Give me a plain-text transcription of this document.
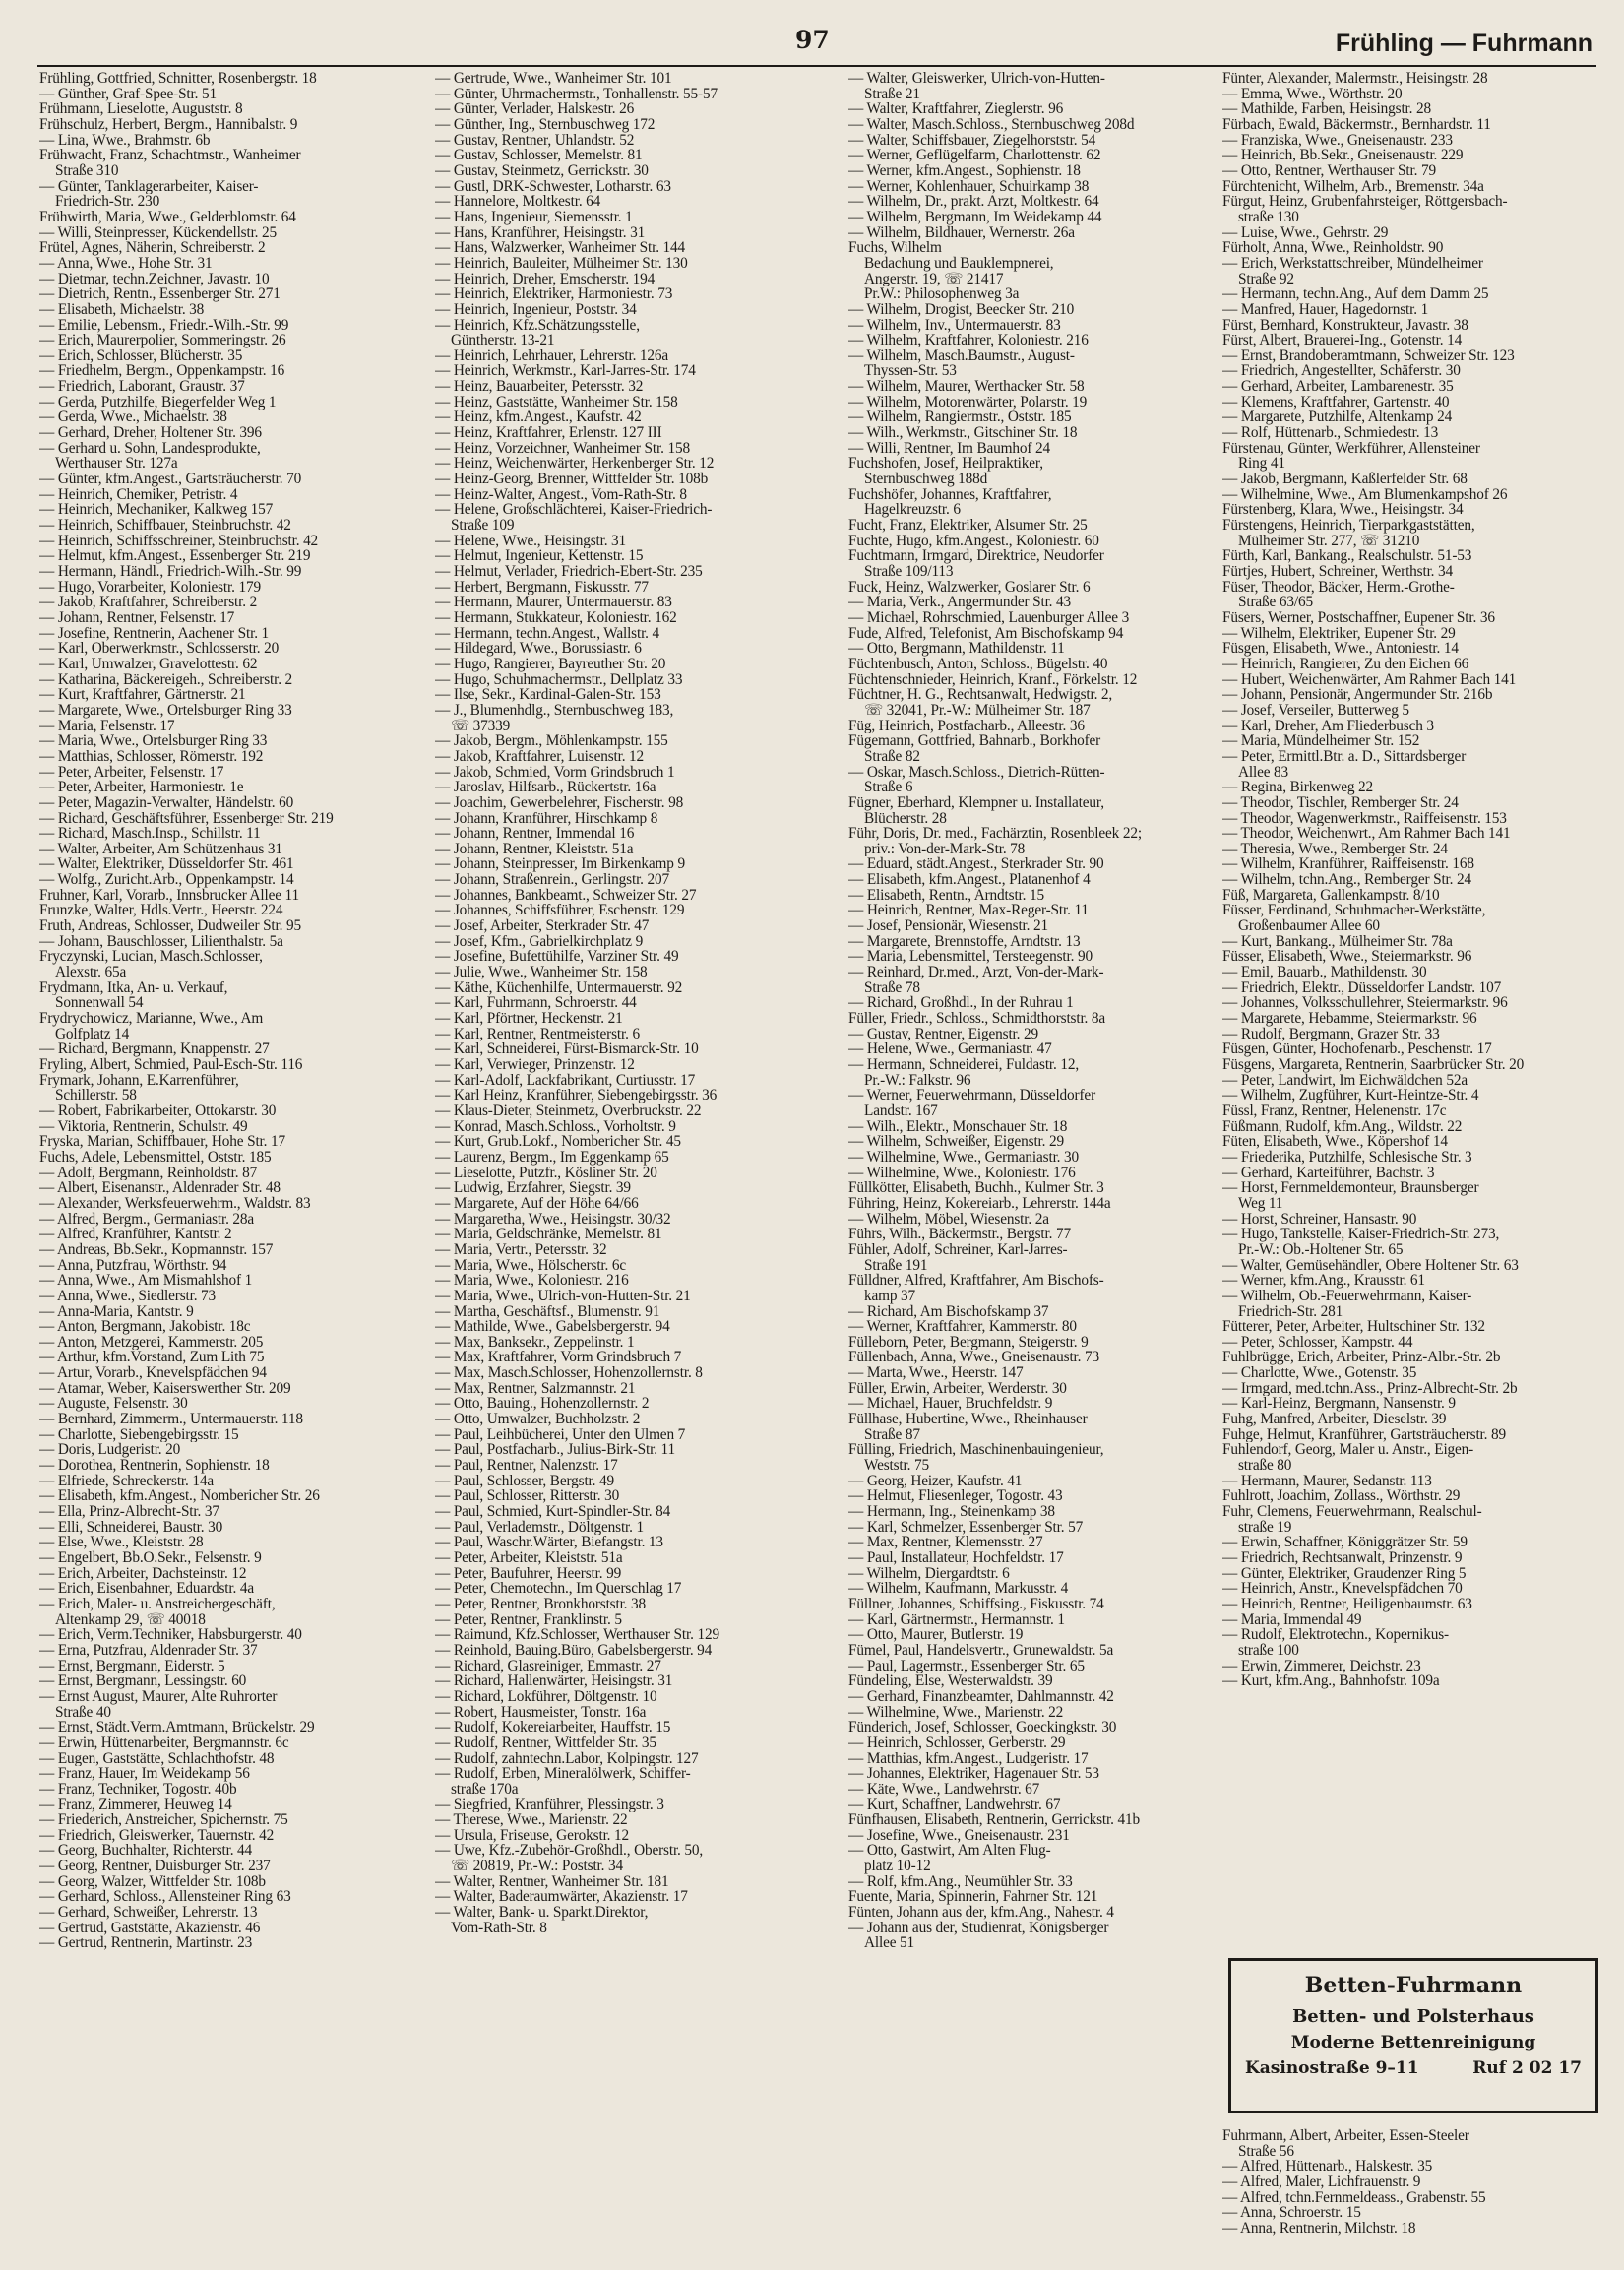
97	Frühling — Fuhrmann
Frühling, Gottfried, Schnitter, Rosenbergstr. 18
— Günther, Graf-Spee-Str. 51
Frühmann, Lieselotte, Auguststr. 8
Frühschulz, Herbert, Bergm., Hannibalstr. 9
— Lina, Wwe., Brahmstr. 6b
Frühwacht, Franz, Schachtmstr., Wanheimer
Straße 310
— Günter, Tanklagerarbeiter, Kaiser-
Friedrich-Str. 230
Frühwirth, Maria, Wwe., Gelderblomstr. 64
— Willi, Steinpresser, Kückendellstr. 25
Frütel, Agnes, Näherin, Schreiberstr. 2
— Anna, Wwe., Hohe Str. 31
— Dietmar, techn.Zeichner, Javastr. 10
— Dietrich, Rentn., Essenberger Str. 271
— Elisabeth, Michaelstr. 38
— Emilie, Lebensm., Friedr.-Wilh.-Str. 99
— Erich, Maurerpolier, Sommeringstr. 26
— Erich, Schlosser, Blücherstr. 35
— Friedhelm, Bergm., Oppenkampstr. 16
— Friedrich, Laborant, Graustr. 37
— Gerda, Putzhilfe, Biegerfelder Weg 1
— Gerda, Wwe., Michaelstr. 38
— Gerhard, Dreher, Holtener Str. 396
— Gerhard u. Sohn, Landesprodukte,
Werthauser Str. 127a
— Günter, kfm.Angest., Gartsträucherstr. 70
— Heinrich, Chemiker, Petristr. 4
— Heinrich, Mechaniker, Kalkweg 157
— Heinrich, Schiffbauer, Steinbruchstr. 42
— Heinrich, Schiffsschreiner, Steinbruchstr. 42
— Helmut, kfm.Angest., Essenberger Str. 219
— Hermann, Händl., Friedrich-Wilh.-Str. 99
— Hugo, Vorarbeiter, Koloniestr. 179
— Jakob, Kraftfahrer, Schreiberstr. 2
— Johann, Rentner, Felsenstr. 17
— Josefine, Rentnerin, Aachener Str. 1
— Karl, Oberwerkmstr., Schlosserstr. 20
— Karl, Umwalzer, Gravelottestr. 62
— Katharina, Bäckereigeh., Schreiberstr. 2
— Kurt, Kraftfahrer, Gärtnerstr. 21
— Margarete, Wwe., Ortelsburger Ring 33
— Maria, Felsenstr. 17
— Maria, Wwe., Ortelsburger Ring 33
— Matthias, Schlosser, Römerstr. 192
— Peter, Arbeiter, Felsenstr. 17
— Peter, Arbeiter, Harmoniestr. 1e
— Peter, Magazin-Verwalter, Händelstr. 60
— Richard, Geschäftsführer, Essenberger Str. 219
— Richard, Masch.Insp., Schillstr. 11
— Walter, Arbeiter, Am Schützenhaus 31
— Walter, Elektriker, Düsseldorfer Str. 461
— Wolfg., Zuricht.Arb., Oppenkampstr. 14
Fruhner, Karl, Vorarb., Innsbrucker Allee 11
Frunzke, Walter, Hdls.Vertr., Heerstr. 224
Fruth, Andreas, Schlosser, Dudweiler Str. 95
— Johann, Bauschlosser, Lilienthalstr. 5a
Fryczynski, Lucian, Masch.Schlosser,
Alexstr. 65a
Frydmann, Itka, An- u. Verkauf,
Sonnenwall 54
Frydrychowicz, Marianne, Wwe., Am
Golfplatz 14
— Richard, Bergmann, Knappenstr. 27
Fryling, Albert, Schmied, Paul-Esch-Str. 116
Frymark, Johann, E.Karrenführer,
Schillerstr. 58
— Robert, Fabrikarbeiter, Ottokarstr. 30
— Viktoria, Rentnerin, Schulstr. 49
Fryska, Marian, Schiffbauer, Hohe Str. 17
Fuchs, Adele, Lebensmittel, Oststr. 185
— Adolf, Bergmann, Reinholdstr. 87
— Albert, Eisenanstr., Aldenrader Str. 48
— Alexander, Werksfeuerwehrm., Waldstr. 83
— Alfred, Bergm., Germaniastr. 28a
— Alfred, Kranführer, Kantstr. 2
— Andreas, Bb.Sekr., Kopmannstr. 157
— Anna, Putzfrau, Wörthstr. 94
— Anna, Wwe., Am Mismahlshof 1
— Anna, Wwe., Siedlerstr. 73
— Anna-Maria, Kantstr. 9
— Anton, Bergmann, Jakobistr. 18c
— Anton, Metzgerei, Kammerstr. 205
— Arthur, kfm.Vorstand, Zum Lith 75
— Artur, Vorarb., Knevelspfädchen 94
— Atamar, Weber, Kaiserswerther Str. 209
— Auguste, Felsenstr. 30
— Bernhard, Zimmerm., Untermauerstr. 118
— Charlotte, Siebengebirgsstr. 15
— Doris, Ludgeristr. 20
— Dorothea, Rentnerin, Sophienstr. 18
— Elfriede, Schreckerstr. 14a
— Elisabeth, kfm.Angest., Nombericher Str. 26
— Ella, Prinz-Albrecht-Str. 37
— Elli, Schneiderei, Baustr. 30
— Else, Wwe., Kleiststr. 28
— Engelbert, Bb.O.Sekr., Felsenstr. 9
— Erich, Arbeiter, Dachsteinstr. 12
— Erich, Eisenbahner, Eduardstr. 4a
— Erich, Maler- u. Anstreichergeschäft,
Altenkamp 29, ☏ 40018
— Erich, Verm.Techniker, Habsburgerstr. 40
— Erna, Putzfrau, Aldenrader Str. 37
— Ernst, Bergmann, Eiderstr. 5
— Ernst, Bergmann, Lessingstr. 60
— Ernst August, Maurer, Alte Ruhrorter
Straße 40
— Ernst, Städt.Verm.Amtmann, Brückelstr. 29
— Erwin, Hüttenarbeiter, Bergmannstr. 6c
— Eugen, Gaststätte, Schlachthofstr. 48
— Franz, Hauer, Im Weidekamp 56
— Franz, Techniker, Togostr. 40b
— Franz, Zimmerer, Heuweg 14
— Friederich, Anstreicher, Spichernstr. 75
— Friedrich, Gleiswerker, Tauernstr. 42
— Georg, Buchhalter, Richterstr. 44
— Georg, Rentner, Duisburger Str. 237
— Georg, Walzer, Wittfelder Str. 108b
— Gerhard, Schloss., Allensteiner Ring 63
— Gerhard, Schweißer, Lehrerstr. 13
— Gertrud, Gaststätte, Akazienstr. 46
— Gertrud, Rentnerin, Martinstr. 23
— Gertrude, Wwe., Wanheimer Str. 101
— Günter, Uhrmachermstr., Tonhallenstr. 55-57
— Günter, Verlader, Halskestr. 26
— Günther, Ing., Sternbuschweg 172
— Gustav, Rentner, Uhlandstr. 52
— Gustav, Schlosser, Memelstr. 81
— Gustav, Steinmetz, Gerrickstr. 30
— Gustl, DRK-Schwester, Lotharstr. 63
— Hannelore, Moltkestr. 64
— Hans, Ingenieur, Siemensstr. 1
— Hans, Kranführer, Heisingstr. 31
— Hans, Walzwerker, Wanheimer Str. 144
— Heinrich, Bauleiter, Mülheimer Str. 130
— Heinrich, Dreher, Emscherstr. 194
— Heinrich, Elektriker, Harmoniestr. 73
— Heinrich, Ingenieur, Poststr. 34
— Heinrich, Kfz.Schätzungsstelle,
Güntherstr. 13-21
— Heinrich, Lehrhauer, Lehrerstr. 126a
— Heinrich, Werkmstr., Karl-Jarres-Str. 174
— Heinz, Bauarbeiter, Petersstr. 32
— Heinz, Gaststätte, Wanheimer Str. 158
— Heinz, kfm.Angest., Kaufstr. 42
— Heinz, Kraftfahrer, Erlenstr. 127 III
— Heinz, Vorzeichner, Wanheimer Str. 158
— Heinz, Weichenwärter, Herkenberger Str. 12
— Heinz-Georg, Brenner, Wittfelder Str. 108b
— Heinz-Walter, Angest., Vom-Rath-Str. 8
— Helene, Großschlächterei, Kaiser-Friedrich-
Straße 109
— Helene, Wwe., Heisingstr. 31
— Helmut, Ingenieur, Kettenstr. 15
— Helmut, Verlader, Friedrich-Ebert-Str. 235
— Herbert, Bergmann, Fiskusstr. 77
— Hermann, Maurer, Untermauerstr. 83
— Hermann, Stukkateur, Koloniestr. 162
— Hermann, techn.Angest., Wallstr. 4
— Hildegard, Wwe., Borussiastr. 6
— Hugo, Rangierer, Bayreuther Str. 20
— Hugo, Schuhmachermstr., Dellplatz 33
— Ilse, Sekr., Kardinal-Galen-Str. 153
— J., Blumenhdlg., Sternbuschweg 183,
☏ 37339
— Jakob, Bergm., Möhlenkampstr. 155
— Jakob, Kraftfahrer, Luisenstr. 12
— Jakob, Schmied, Vorm Grindsbruch 1
— Jaroslav, Hilfsarb., Rückertstr. 16a
— Joachim, Gewerbelehrer, Fischerstr. 98
— Johann, Kranführer, Hirschkamp 8
— Johann, Rentner, Immendal 16
— Johann, Rentner, Kleiststr. 51a
— Johann, Steinpresser, Im Birkenkamp 9
— Johann, Straßenrein., Gerlingstr. 207
— Johannes, Bankbeamt., Schweizer Str. 27
— Johannes, Schiffsführer, Eschenstr. 129
— Josef, Arbeiter, Sterkrader Str. 47
— Josef, Kfm., Gabrielkirchplatz 9
— Josefine, Bufettühilfe, Varziner Str. 49
— Julie, Wwe., Wanheimer Str. 158
— Käthe, Küchenhilfe, Untermauerstr. 92
— Karl, Fuhrmann, Schroerstr. 44
— Karl, Pförtner, Heckenstr. 21
— Karl, Rentner, Rentmeisterstr. 6
— Karl, Schneiderei, Fürst-Bismarck-Str. 10
— Karl, Verwieger, Prinzenstr. 12
— Karl-Adolf, Lackfabrikant, Curtiusstr. 17
— Karl Heinz, Kranführer, Siebengebirgsstr. 36
— Klaus-Dieter, Steinmetz, Overbruckstr. 22
— Konrad, Masch.Schloss., Vorholtstr. 9
— Kurt, Grub.Lokf., Nombericher Str. 45
— Laurenz, Bergm., Im Eggenkamp 65
— Lieselotte, Putzfr., Kösliner Str. 20
— Ludwig, Erzfahrer, Siegstr. 39
— Margarete, Auf der Höhe 64/66
— Margaretha, Wwe., Heisingstr. 30/32
— Maria, Geldschränke, Memelstr. 81
— Maria, Vertr., Petersstr. 32
— Maria, Wwe., Hölscherstr. 6c
— Maria, Wwe., Koloniestr. 216
— Maria, Wwe., Ulrich-von-Hutten-Str. 21
— Martha, Geschäftsf., Blumenstr. 91
— Mathilde, Wwe., Gabelsbergerstr. 94
— Max, Banksekr., Zeppelinstr. 1
— Max, Kraftfahrer, Vorm Grindsbruch 7
— Max, Masch.Schlosser, Hohenzollernstr. 8
— Max, Rentner, Salzmannstr. 21
— Otto, Bauing., Hohenzollernstr. 2
— Otto, Umwalzer, Buchholzstr. 2
— Paul, Leihbücherei, Unter den Ulmen 7
— Paul, Postfacharb., Julius-Birk-Str. 11
— Paul, Rentner, Nalenzstr. 17
— Paul, Schlosser, Bergstr. 49
— Paul, Schlosser, Ritterstr. 30
— Paul, Schmied, Kurt-Spindler-Str. 84
— Paul, Verlademstr., Döltgenstr. 1
— Paul, Waschr.Wärter, Biefangstr. 13
— Peter, Arbeiter, Kleiststr. 51a
— Peter, Baufuhrer, Heerstr. 99
— Peter, Chemotechn., Im Querschlag 17
— Peter, Rentner, Bronkhorststr. 38
— Peter, Rentner, Franklinstr. 5
— Raimund, Kfz.Schlosser, Werthauser Str. 129
— Reinhold, Bauing.Büro, Gabelsbergerstr. 94
— Richard, Glasreiniger, Emmastr. 27
— Richard, Hallenwärter, Heisingstr. 31
— Richard, Lokführer, Döltgenstr. 10
— Robert, Hausmeister, Tonstr. 16a
— Rudolf, Kokereiarbeiter, Hauffstr. 15
— Rudolf, Rentner, Wittfelder Str. 35
— Rudolf, zahntechn.Labor, Kolpingstr. 127
— Rudolf, Erben, Mineralölwerk, Schiffer-
straße 170a
— Siegfried, Kranführer, Plessingstr. 3
— Therese, Wwe., Marienstr. 22
— Ursula, Friseuse, Gerokstr. 12
— Uwe, Kfz.-Zubehör-Großhdl., Oberstr. 50,
☏ 20819, Pr.-W.: Poststr. 34
— Walter, Rentner, Wanheimer Str. 181
— Walter, Baderaumwärter, Akazienstr. 17
— Walter, Bank- u. Sparkt.Direktor,
Vom-Rath-Str. 8
— Walter, Gleiswerker, Ulrich-von-Hutten-
Straße 21
— Walter, Kraftfahrer, Zieglerstr. 96
— Walter, Masch.Schloss., Sternbuschweg 208d
— Walter, Schiffsbauer, Ziegelhorststr. 54
— Werner, Geflügelfarm, Charlottenstr. 62
— Werner, kfm.Angest., Sophienstr. 18
— Werner, Kohlenhauer, Schuirkamp 38
— Wilhelm, Dr., prakt. Arzt, Moltkestr. 64
— Wilhelm, Bergmann, Im Weidekamp 44
— Wilhelm, Bildhauer, Wernerstr. 26a
Fuchs, Wilhelm
Bedachung und Bauklempnerei,
Angerstr. 19, ☏ 21417
Pr.W.: Philosophenweg 3a
— Wilhelm, Drogist, Beecker Str. 210
— Wilhelm, Inv., Untermauerstr. 83
— Wilhelm, Kraftfahrer, Koloniestr. 216
— Wilhelm, Masch.Baumstr., August-
Thyssen-Str. 53
— Wilhelm, Maurer, Werthacker Str. 58
— Wilhelm, Motorenwärter, Polarstr. 19
— Wilhelm, Rangiermstr., Oststr. 185
— Wilh., Werkmstr., Gitschiner Str. 18
— Willi, Rentner, Im Baumhof 24
Fuchshofen, Josef, Heilpraktiker,
Sternbuschweg 188d
Fuchshöfer, Johannes, Kraftfahrer,
Hagelkreuzstr. 6
Fucht, Franz, Elektriker, Alsumer Str. 25
Fuchte, Hugo, kfm.Angest., Koloniestr. 60
Fuchtmann, Irmgard, Direktrice, Neudorfer
Straße 109/113
Fuck, Heinz, Walzwerker, Goslarer Str. 6
— Maria, Verk., Angermunder Str. 43
— Michael, Rohrschmied, Lauenburger Allee 3
Fude, Alfred, Telefonist, Am Bischofskamp 94
— Otto, Bergmann, Mathildenstr. 11
Füchtenbusch, Anton, Schloss., Bügelstr. 40
Füchtenschnieder, Heinrich, Kranf., Förkelstr. 12
Füchtner, H. G., Rechtsanwalt, Hedwigstr. 2,
☏ 32041, Pr.-W.: Mülheimer Str. 187
Füg, Heinrich, Postfacharb., Alleestr. 36
Fügemann, Gottfried, Bahnarb., Borkhofer
Straße 82
— Oskar, Masch.Schloss., Dietrich-Rütten-
Straße 6
Fügner, Eberhard, Klempner u. Installateur,
Blücherstr. 28
Führ, Doris, Dr. med., Fachärztin, Rosenbleek 22;
priv.: Von-der-Mark-Str. 78
— Eduard, städt.Angest., Sterkrader Str. 90
— Elisabeth, kfm.Angest., Platanenhof 4
— Elisabeth, Rentn., Arndtstr. 15
— Heinrich, Rentner, Max-Reger-Str. 11
— Josef, Pensionär, Wiesenstr. 21
— Margarete, Brennstoffe, Arndtstr. 13
— Maria, Lebensmittel, Tersteegenstr. 90
— Reinhard, Dr.med., Arzt, Von-der-Mark-
Straße 78
— Richard, Großhdl., In der Ruhrau 1
Füller, Friedr., Schloss., Schmidthorststr. 8a
— Gustav, Rentner, Eigenstr. 29
— Helene, Wwe., Germaniastr. 47
— Hermann, Schneiderei, Fuldastr. 12,
Pr.-W.: Falkstr. 96
— Werner, Feuerwehrmann, Düsseldorfer
Landstr. 167
— Wilh., Elektr., Monschauer Str. 18
— Wilhelm, Schweißer, Eigenstr. 29
— Wilhelmine, Wwe., Germaniastr. 30
— Wilhelmine, Wwe., Koloniestr. 176
Füllkötter, Elisabeth, Buchh., Kulmer Str. 3
Führing, Heinz, Kokereiarb., Lehrerstr. 144a
— Wilhelm, Möbel, Wiesenstr. 2a
Führs, Wilh., Bäckermstr., Bergstr. 77
Fühler, Adolf, Schreiner, Karl-Jarres-
Straße 191
Fülldner, Alfred, Kraftfahrer, Am Bischofs-
kamp 37
— Richard, Am Bischofskamp 37
— Werner, Kraftfahrer, Kammerstr. 80
Fülleborn, Peter, Bergmann, Steigerstr. 9
Füllenbach, Anna, Wwe., Gneisenaustr. 73
— Marta, Wwe., Heerstr. 147
Füller, Erwin, Arbeiter, Werderstr. 30
— Michael, Hauer, Bruchfeldstr. 9
Füllhase, Hubertine, Wwe., Rheinhauser
Straße 87
Fülling, Friedrich, Maschinenbauingenieur,
Weststr. 75
— Georg, Heizer, Kaufstr. 41
— Helmut, Fliesenleger, Togostr. 43
— Hermann, Ing., Steinenkamp 38
— Karl, Schmelzer, Essenberger Str. 57
— Max, Rentner, Klemensstr. 27
— Paul, Installateur, Hochfeldstr. 17
— Wilhelm, Diergardtstr. 6
— Wilhelm, Kaufmann, Markusstr. 4
Füllner, Johannes, Schiffsing., Fiskusstr. 74
— Karl, Gärtnermstr., Hermannstr. 1
— Otto, Maurer, Butlerstr. 19
Fümel, Paul, Handelsvertr., Grunewaldstr. 5a
— Paul, Lagermstr., Essenberger Str. 65
Fündeling, Else, Westerwaldstr. 39
— Gerhard, Finanzbeamter, Dahlmannstr. 42
— Wilhelmine, Wwe., Marienstr. 22
Fünderich, Josef, Schlosser, Goeckingkstr. 30
— Heinrich, Schlosser, Gerberstr. 29
— Matthias, kfm.Angest., Ludgeristr. 17
— Johannes, Elektriker, Hagenauer Str. 53
— Käte, Wwe., Landwehrstr. 67
— Kurt, Schaffner, Landwehrstr. 67
Fünfhausen, Elisabeth, Rentnerin, Gerrickstr. 41b
— Josefine, Wwe., Gneisenaustr. 231
— Otto, Gastwirt, Am Alten Flug-
platz 10-12
— Rolf, kfm.Ang., Neumühler Str. 33
Fuente, Maria, Spinnerin, Fahrner Str. 121
Fünten, Johann aus der, kfm.Ang., Nahestr. 4
— Johann aus der, Studienrat, Königsberger
Allee 51
Fünter, Alexander, Malermstr., Heisingstr. 28
— Emma, Wwe., Wörthstr. 20
— Mathilde, Farben, Heisingstr. 28
Fürbach, Ewald, Bäckermstr., Bernhardstr. 11
— Franziska, Wwe., Gneisenaustr. 233
— Heinrich, Bb.Sekr., Gneisenaustr. 229
— Otto, Rentner, Werthauser Str. 79
Fürchtenicht, Wilhelm, Arb., Bremenstr. 34a
Fürgut, Heinz, Grubenfahrsteiger, Röttgersbach-
straße 130
— Luise, Wwe., Gehrstr. 29
Fürholt, Anna, Wwe., Reinholdstr. 90
— Erich, Werkstattschreiber, Mündelheimer
Straße 92
— Hermann, techn.Ang., Auf dem Damm 25
— Manfred, Hauer, Hagedornstr. 1
Fürst, Bernhard, Konstrukteur, Javastr. 38
Fürst, Albert, Brauerei-Ing., Gotenstr. 14
— Ernst, Brandoberamtmann, Schweizer Str. 123
— Friedrich, Angestellter, Schäferstr. 30
— Gerhard, Arbeiter, Lambarenestr. 35
— Klemens, Kraftfahrer, Gartenstr. 40
— Margarete, Putzhilfe, Altenkamp 24
— Rolf, Hüttenarb., Schmiedestr. 13
Fürstenau, Günter, Werkführer, Allensteiner
Ring 41
— Jakob, Bergmann, Kaßlerfelder Str. 68
— Wilhelmine, Wwe., Am Blumenkampshof 26
Fürstenberg, Klara, Wwe., Heisingstr. 34
Fürstengens, Heinrich, Tierparkgaststätten,
Mülheimer Str. 277, ☏ 31210
Fürth, Karl, Bankang., Realschulstr. 51-53
Fürtjes, Hubert, Schreiner, Werthstr. 34
Füser, Theodor, Bäcker, Herm.-Grothe-
Straße 63/65
Füsers, Werner, Postschaffner, Eupener Str. 36
— Wilhelm, Elektriker, Eupener Str. 29
Füsgen, Elisabeth, Wwe., Antoniestr. 14
— Heinrich, Rangierer, Zu den Eichen 66
— Hubert, Weichenwärter, Am Rahmer Bach 141
— Johann, Pensionär, Angermunder Str. 216b
— Josef, Verseiler, Butterweg 5
— Karl, Dreher, Am Fliederbusch 3
— Maria, Mündelheimer Str. 152
— Peter, Ermittl.Btr. a. D., Sittardsberger
Allee 83
— Regina, Birkenweg 22
— Theodor, Tischler, Remberger Str. 24
— Theodor, Wagenwerkmstr., Raiffeisenstr. 153
— Theodor, Weichenwrt., Am Rahmer Bach 141
— Theresia, Wwe., Remberger Str. 24
— Wilhelm, Kranführer, Raiffeisenstr. 168
— Wilhelm, tchn.Ang., Remberger Str. 24
Füß, Margareta, Gallenkampstr. 8/10
Füsser, Ferdinand, Schuhmacher-Werkstätte,
Großenbaumer Allee 60
— Kurt, Bankang., Mülheimer Str. 78a
Füsser, Elisabeth, Wwe., Steiermarkstr. 96
— Emil, Bauarb., Mathildenstr. 30
— Friedrich, Elektr., Düsseldorfer Landstr. 107
— Johannes, Volksschullehrer, Steiermarkstr. 96
— Margarete, Hebamme, Steiermarkstr. 96
— Rudolf, Bergmann, Grazer Str. 33
Füsgen, Günter, Hochofenarb., Peschenstr. 17
Füsgens, Margareta, Rentnerin, Saarbrücker Str. 20
— Peter, Landwirt, Im Eichwäldchen 52a
— Wilhelm, Zugführer, Kurt-Heintze-Str. 4
Füssl, Franz, Rentner, Helenenstr. 17c
Füßmann, Rudolf, kfm.Ang., Wildstr. 22
Füten, Elisabeth, Wwe., Köpershof 14
— Friederika, Putzhilfe, Schlesische Str. 3
— Gerhard, Karteiführer, Bachstr. 3
— Horst, Fernmeldemonteur, Braunsberger
Weg 11
— Horst, Schreiner, Hansastr. 90
— Hugo, Tankstelle, Kaiser-Friedrich-Str. 273,
Pr.-W.: Ob.-Holtener Str. 65
— Walter, Gemüsehändler, Obere Holtener Str. 63
— Werner, kfm.Ang., Krausstr. 61
— Wilhelm, Ob.-Feuerwehrmann, Kaiser-
Friedrich-Str. 281
Fütterer, Peter, Arbeiter, Hultschiner Str. 132
— Peter, Schlosser, Kampstr. 44
Fuhlbrügge, Erich, Arbeiter, Prinz-Albr.-Str. 2b
— Charlotte, Wwe., Gotenstr. 35
— Irmgard, med.tchn.Ass., Prinz-Albrecht-Str. 2b
— Karl-Heinz, Bergmann, Nansenstr. 9
Fuhg, Manfred, Arbeiter, Dieselstr. 39
Fuhge, Helmut, Kranführer, Gartsträucherstr. 89
Fuhlendorf, Georg, Maler u. Anstr., Eigen-
straße 80
— Hermann, Maurer, Sedanstr. 113
Fuhlrott, Joachim, Zollass., Wörthstr. 29
Fuhr, Clemens, Feuerwehrmann, Realschul-
straße 19
— Erwin, Schaffner, Königgrätzer Str. 59
— Friedrich, Rechtsanwalt, Prinzenstr. 9
— Günter, Elektriker, Graudenzer Ring 5
— Heinrich, Anstr., Knevelspfädchen 70
— Heinrich, Rentner, Heiligenbaumstr. 63
— Maria, Immendal 49
— Rudolf, Elektrotechn., Kopernikus-
straße 100
— Erwin, Zimmerer, Deichstr. 23
— Kurt, kfm.Ang., Bahnhofstr. 109a
Betten-Fuhrmann
Betten- und Polsterhaus
Moderne Bettenreinigung
Kasinostraße 9–11	Ruf 2 02 17
Fuhrmann, Albert, Arbeiter, Essen-Steeler
Straße 56
— Alfred, Hüttenarb., Halskestr. 35
— Alfred, Maler, Lichfrauenstr. 9
— Alfred, tchn.Fernmeldeass., Grabenstr. 55
— Anna, Schroerstr. 15
— Anna, Rentnerin, Milchstr. 18
